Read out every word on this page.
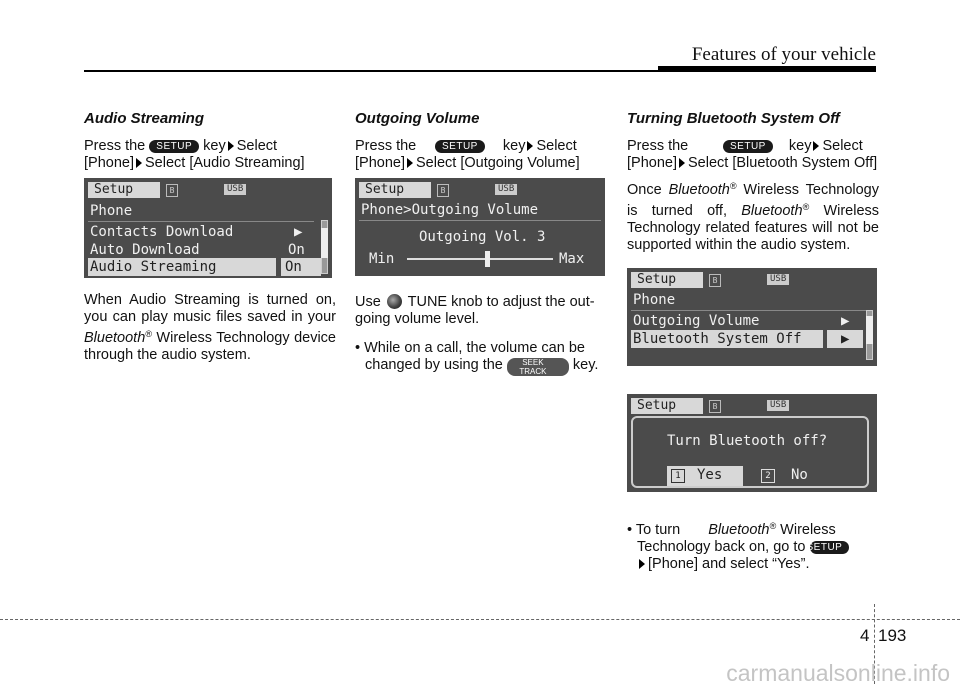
Features of your vehicle
Audio Streaming

Press the SETUP key Select
[Phone] Select [Audio Streaming]

Setup	B	USB
Phone
Contacts Download	▶
Auto Download	On
Audio Streaming	On

When Audio Streaming is turned on, you can play music files saved in your Bluetooth® Wireless Technology device through the audio system.

Outgoing Volume

Press the	SETUP key Select
[Phone] Select [Outgoing Volume]

Setup	B	USB
Phone>Outgoing Volume
Outgoing Vol. 3
Min	Max

Use TUNE knob to adjust the out-going volume level.

• While on a call, the volume can be changed by using the	SEEK
TRACK	key.

Turning Bluetooth System Off

Press the	SETUP key Select
[Phone] Select [Bluetooth System Off]

Once Bluetooth® Wireless Technology is turned off, Bluetooth® Wireless Technology related features will not be supported within the audio system.

Setup	B	USB
Phone
Outgoing Volume	▶
Bluetooth System Off	▶
Setup	B	USB
Turn Bluetooth off?
1	Yes	2	No

• To turn Bluetooth® Wireless Technology back on, go to SETUP
[Phone] and select “Yes”.

4 193
carmanualsonline.info
